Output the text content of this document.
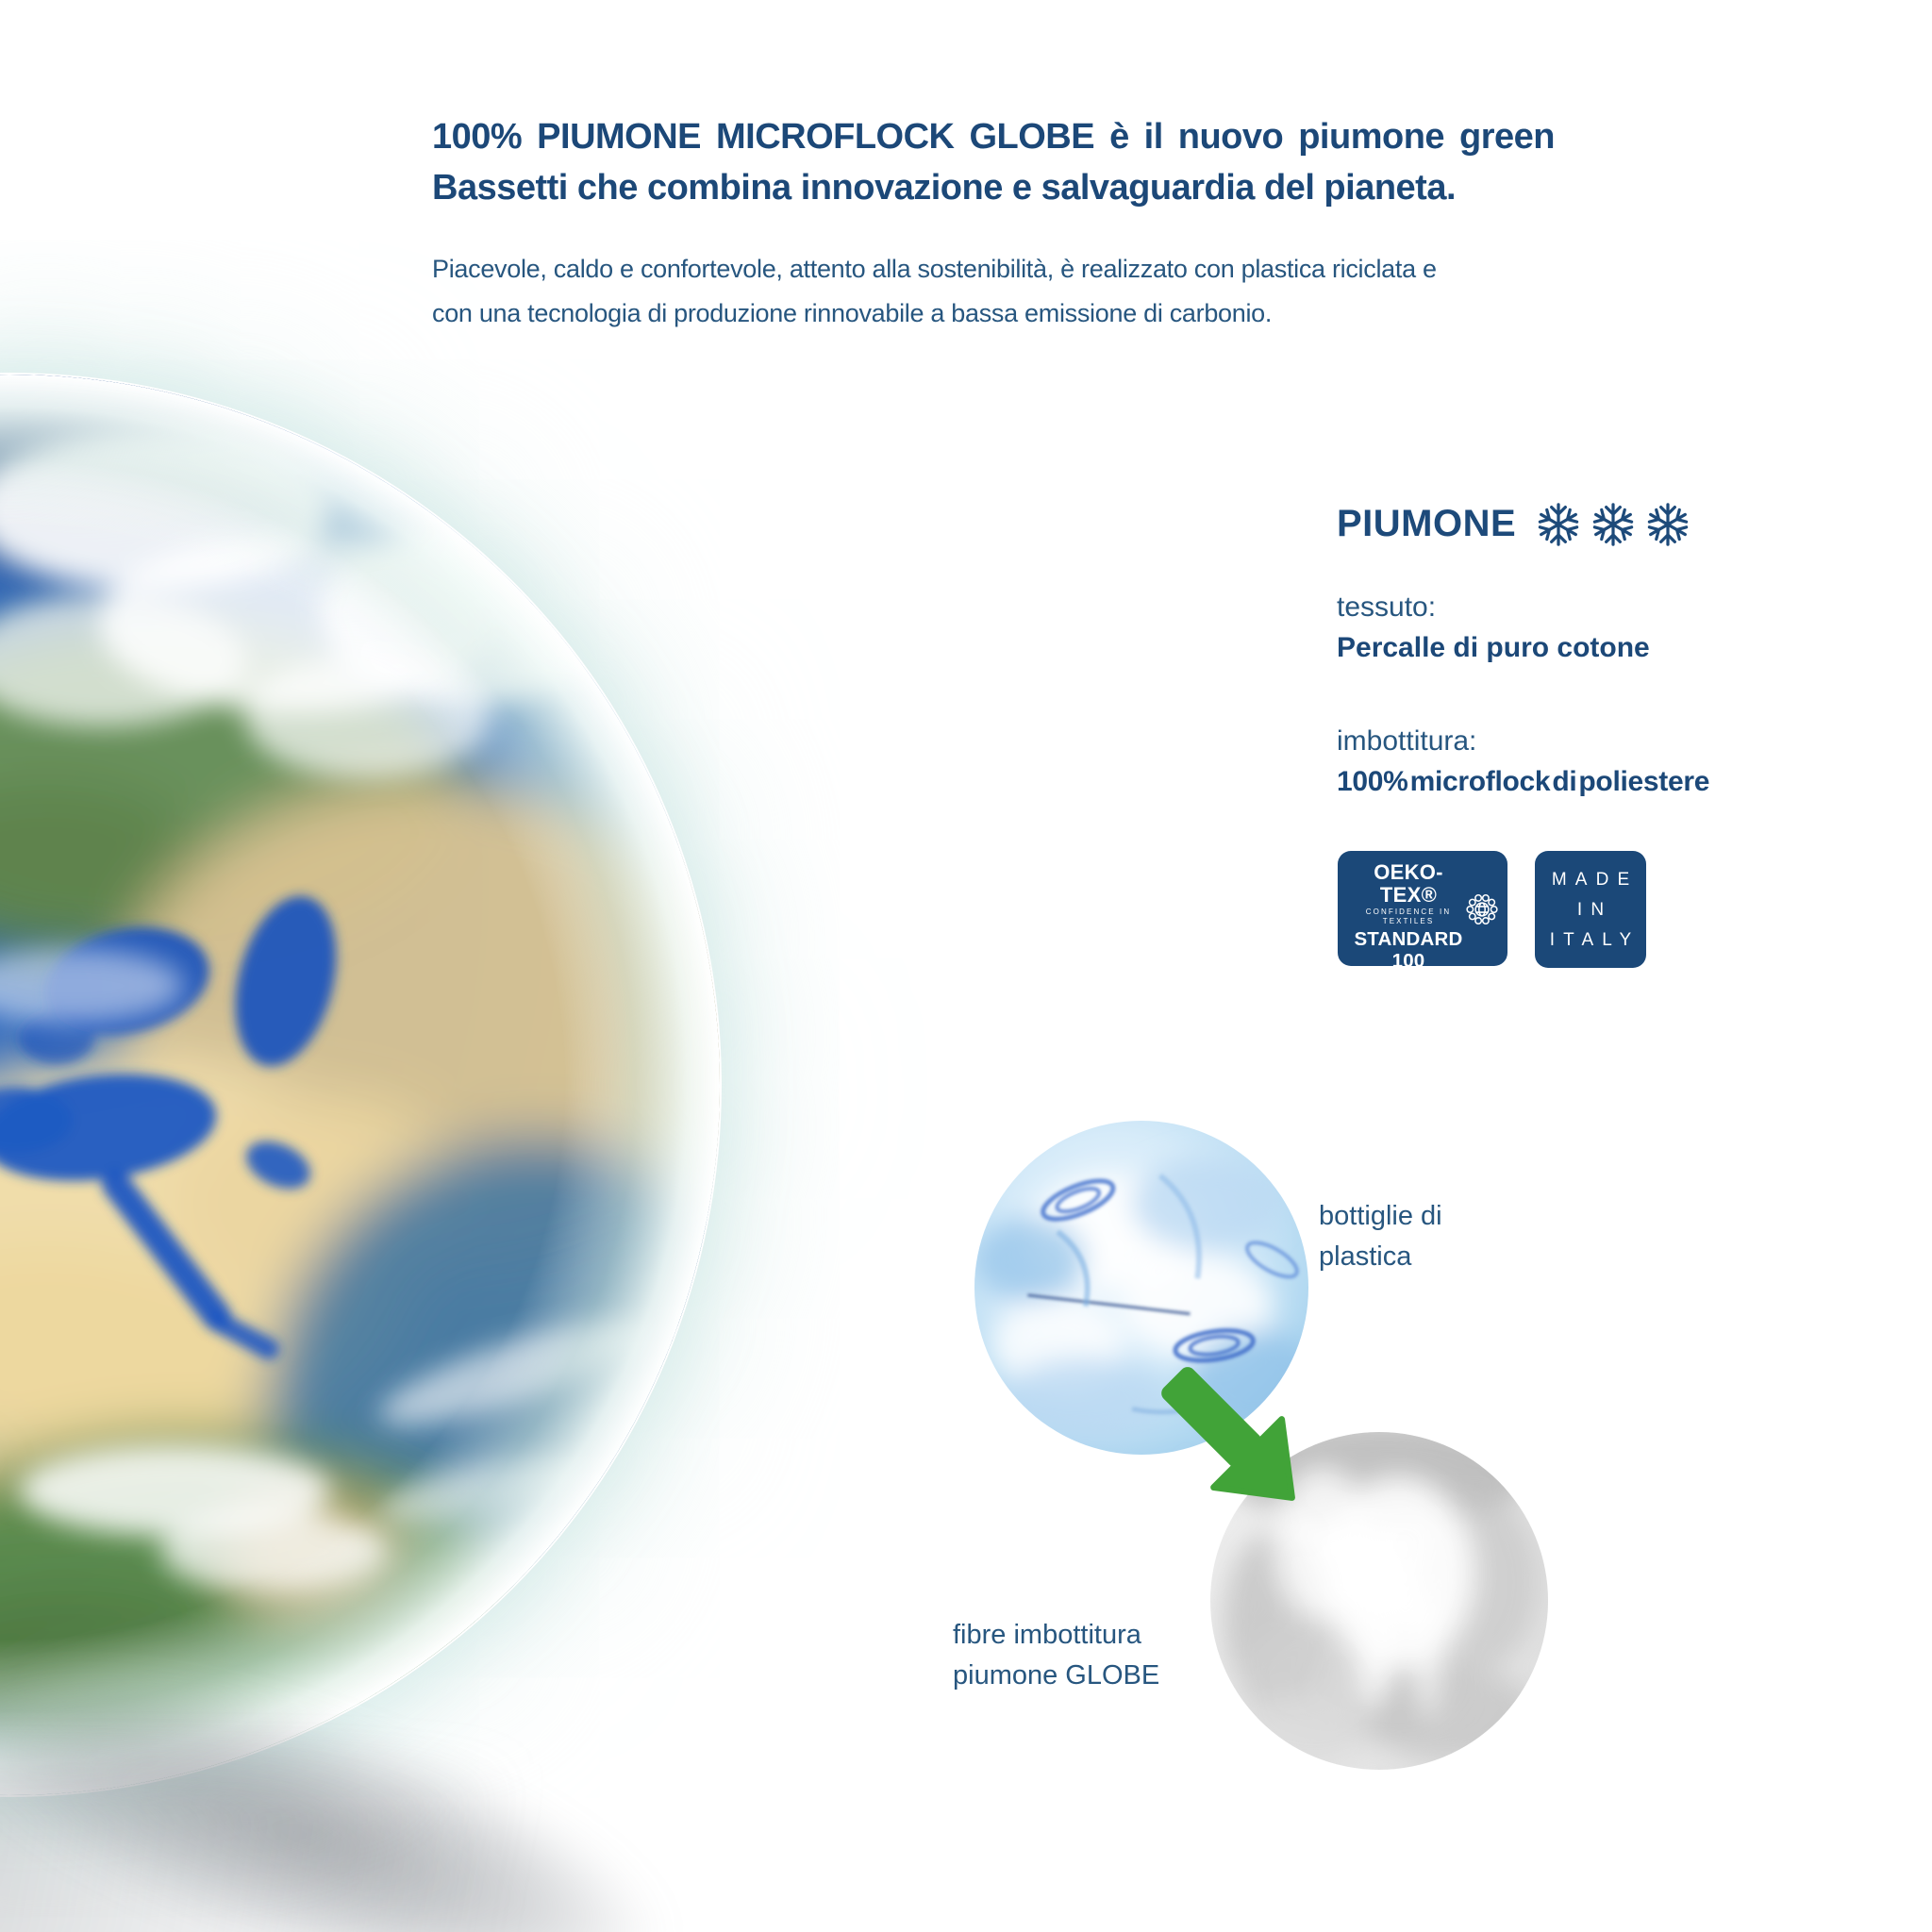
100% PIUMONE MICROFLOCK GLOBE è il nuovo piumone green
Bassetti che combina innovazione e salvaguardia del pianeta.
Piacevole, caldo e confortevole, attento alla sostenibilità, è realizzato con plastica riciclata e
con una tecnologia di produzione rinnovabile a bassa emissione di carbonio.
PIUMONE
tessuto:
Percalle di puro cotone
imbottitura:
100% microflock di poliestere
OEKO-TEX®
CONFIDENCE IN TEXTILES
STANDARD 100
1002995.O CENTROCOT
Testato per sostanze nocive.
www.oeko-tex.com/standard100
MADE
IN
ITALY
bottiglie di
plastica
fibre imbottitura
piumone GLOBE
